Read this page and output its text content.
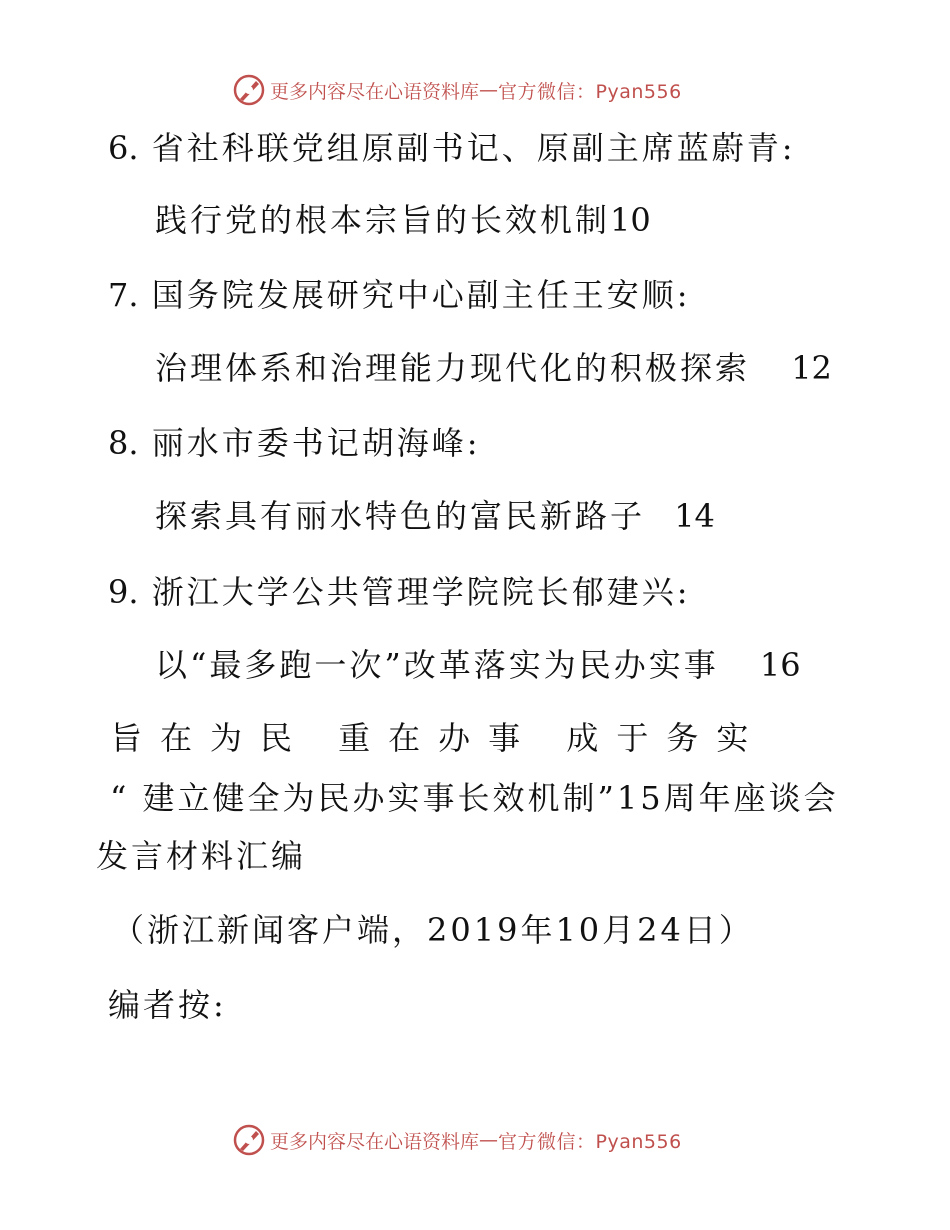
更多内容尽在心语资料库 — 官方微信：Pyan556
6. 省社科联党组原副书记、原副主席蓝蔚青:
践行党的根本宗旨的长效机制10
7. 国务院发展研究中心副主任王安顺:
治理体系和治理能力现代化的积极探索 12
8. 丽水市委书记胡海峰:
探索具有丽水特色的富民新路子 14
9. 浙江大学公共管理学院院长郁建兴:
以“最多跑一次”改革落实为民办实事 16
旨在为民 重在办事 成于务实
“ 建立健全为民办实事长效机制”15周年座谈会
发言材料汇编
（浙江新闻客户端，2019年10月24日）
编者按:
更多内容尽在心语资料库 — 官方微信：Pyan556
